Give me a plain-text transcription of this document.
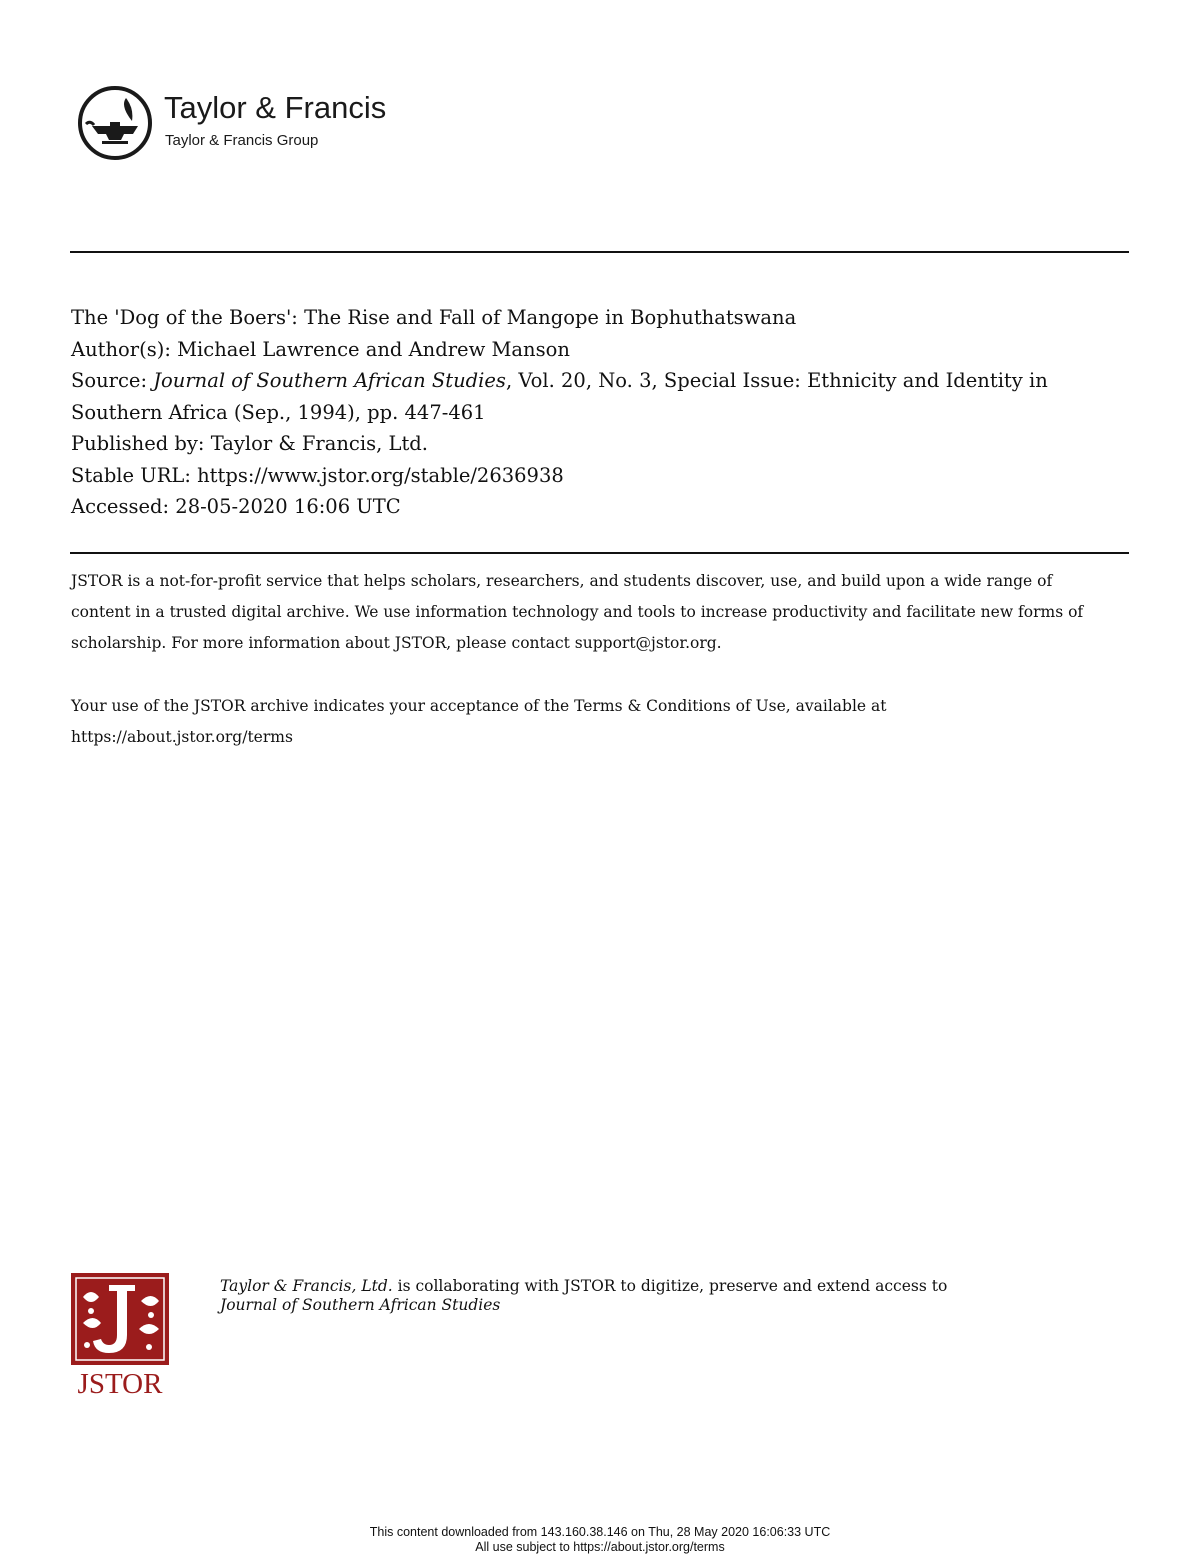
Taylor & Francis
Taylor & Francis Group
The 'Dog of the Boers': The Rise and Fall of Mangope in Bophuthatswana
Author(s): Michael Lawrence and Andrew Manson
Source: Journal of Southern African Studies, Vol. 20, No. 3, Special Issue: Ethnicity and Identity in Southern Africa (Sep., 1994), pp. 447-461
Published by: Taylor & Francis, Ltd.
Stable URL: https://www.jstor.org/stable/2636938
Accessed: 28-05-2020 16:06 UTC

JSTOR is a not-for-profit service that helps scholars, researchers, and students discover, use, and build upon a wide range of content in a trusted digital archive. We use information technology and tools to increase productivity and facilitate new forms of scholarship. For more information about JSTOR, please contact support@jstor.org.

Your use of the JSTOR archive indicates your acceptance of the Terms & Conditions of Use, available at https://about.jstor.org/terms

JSTOR
Taylor & Francis, Ltd. is collaborating with JSTOR to digitize, preserve and extend access to
Journal of Southern African Studies
This content downloaded from 143.160.38.146 on Thu, 28 May 2020 16:06:33 UTC
All use subject to https://about.jstor.org/terms
